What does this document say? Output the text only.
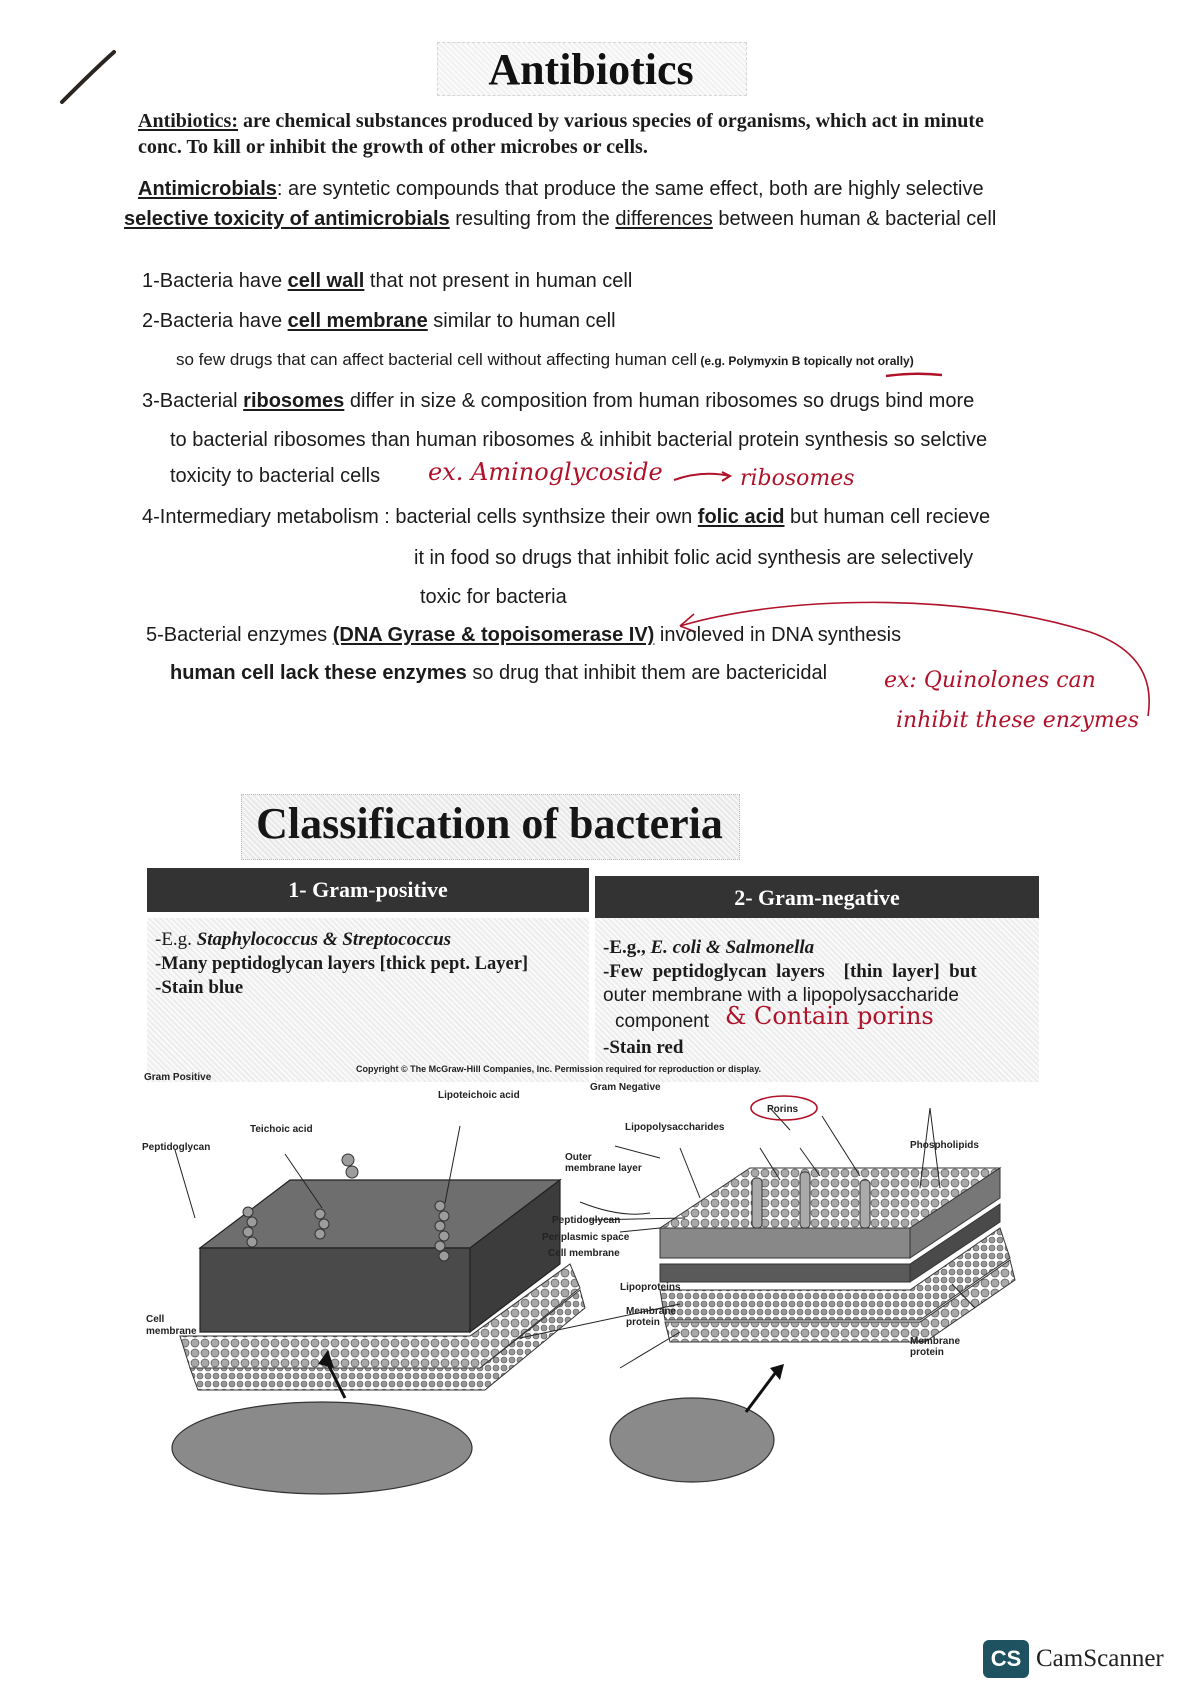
Antibiotics
Antibiotics: are chemical substances produced by various species of organisms, which act in minute
conc. To kill or inhibit the growth of other microbes or cells.
Antimicrobials: are syntetic compounds that produce the same effect, both are highly selective
selective toxicity of antimicrobials resulting from the differences between human & bacterial cell
1-Bacteria have cell wall that not present in human cell
2-Bacteria have cell membrane similar to human cell
so few drugs that can affect bacterial cell without affecting human cell (e.g. Polymyxin B topically not orally)
3-Bacterial ribosomes differ in size & composition from human ribosomes so drugs bind more
to bacterial ribosomes than human ribosomes & inhibit bacterial protein synthesis so selctive
toxicity to bacterial cells ex. Aminoglycoside	ribosomes
4-Intermediary metabolism : bacterial cells synthsize their own folic acid but human cell recieve
it in food so drugs that inhibit folic acid synthesis are selectively
toxic for bacteria
5-Bacterial enzymes (DNA Gyrase & topoisomerase IV) involeved in DNA synthesis
human cell lack these enzymes so drug that inhibit them are bactericidal	ex: Quinolones can
inhibit these enzymes
Classification of bacteria
1- Gram-positive	2- Gram-negative
-E.g. Staphylococcus & Streptococcus
-Many peptidoglycan layers [thick pept. Layer]
-Stain blue
-E.g., E. coli & Salmonella
-Few  peptidoglycan  layers    [thin  layer]  but
outer membrane with a lipopolysaccharide
component & Contain porins
-Stain red
Copyright © The McGraw-Hill Companies, Inc. Permission required for reproduction or display.
Gram Positive
Gram Negative
Lipoteichoic acid
Teichoic acid
Peptidoglycan
Cell
membrane
Lipopolysaccharides
Porins
Phospholipids
Outer
membrane layer
Peptidoglycan
Periplasmic space
Cell membrane
Lipoproteins
Membrane
protein
Membrane
protein
CS CamScanner
